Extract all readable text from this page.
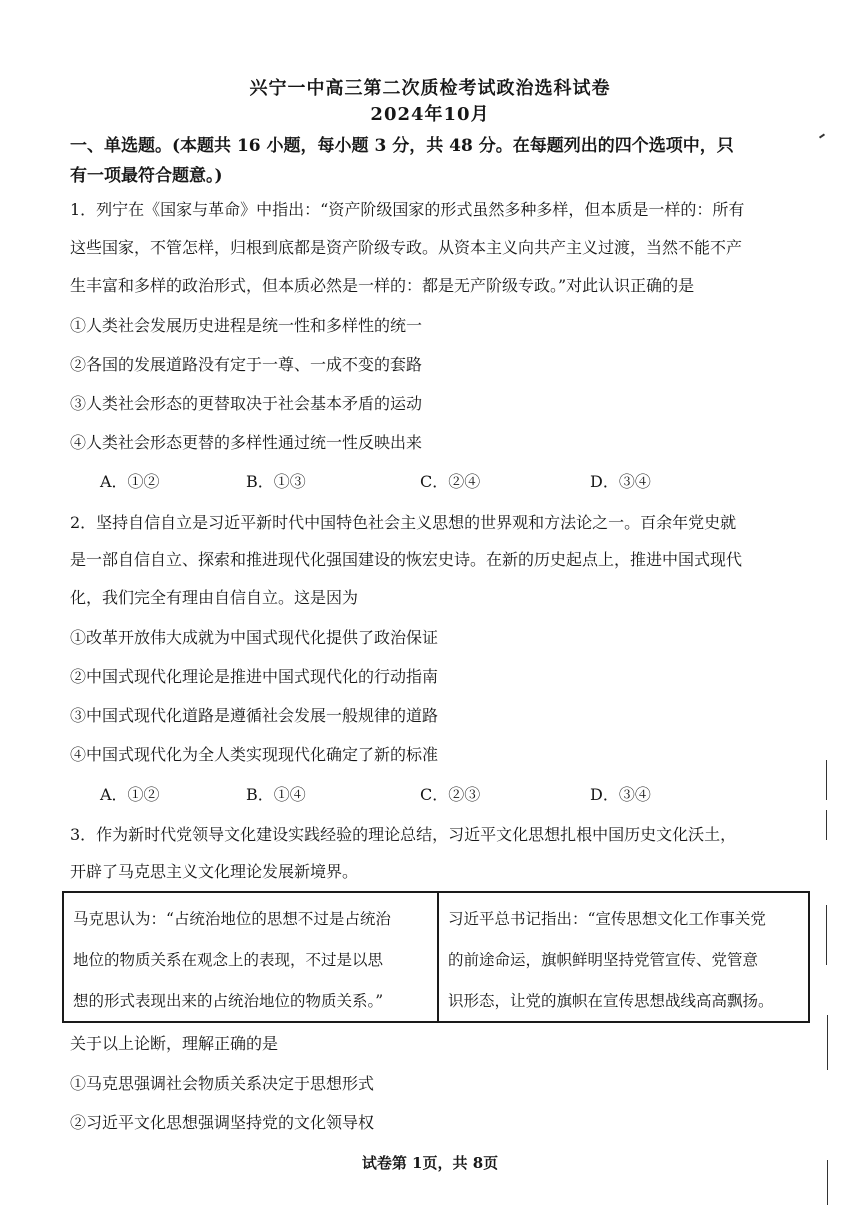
兴宁一中高三第二次质检考试政治选科试卷
2024年10月
一、单选题。(本题共 16 小题，每小题 3 分，共 48 分。在每题列出的四个选项中，只
有一项最符合题意。)
1．列宁在《国家与革命》中指出：“资产阶级国家的形式虽然多种多样，但本质是一样的：所有
这些国家，不管怎样，归根到底都是资产阶级专政。从资本主义向共产主义过渡，当然不能不产
生丰富和多样的政治形式，但本质必然是一样的：都是无产阶级专政。”对此认识正确的是
①人类社会发展历史进程是统一性和多样性的统一
②各国的发展道路没有定于一尊、一成不变的套路
③人类社会形态的更替取决于社会基本矛盾的运动
④人类社会形态更替的多样性通过统一性反映出来
A．①②	B．①③	C．②④	D．③④
2．坚持自信自立是习近平新时代中国特色社会主义思想的世界观和方法论之一。百余年党史就
是一部自信自立、探索和推进现代化强国建设的恢宏史诗。在新的历史起点上，推进中国式现代
化，我们完全有理由自信自立。这是因为
①改革开放伟大成就为中国式现代化提供了政治保证
②中国式现代化理论是推进中国式现代化的行动指南
③中国式现代化道路是遵循社会发展一般规律的道路
④中国式现代化为全人类实现现代化确定了新的标准
A．①②	B．①④	C．②③	D．③④
3．作为新时代党领导文化建设实践经验的理论总结，习近平文化思想扎根中国历史文化沃土，
开辟了马克思主义文化理论发展新境界。
马克思认为：“占统治地位的思想不过是占统治
地位的物质关系在观念上的表现，不过是以思
想的形式表现出来的占统治地位的物质关系。”
习近平总书记指出：“宣传思想文化工作事关党
的前途命运，旗帜鲜明坚持党管宣传、党管意
识形态，让党的旗帜在宣传思想战线高高飘扬。
关于以上论断，理解正确的是
①马克思强调社会物质关系决定于思想形式
②习近平文化思想强调坚持党的文化领导权
试卷第 1页，共 8页
